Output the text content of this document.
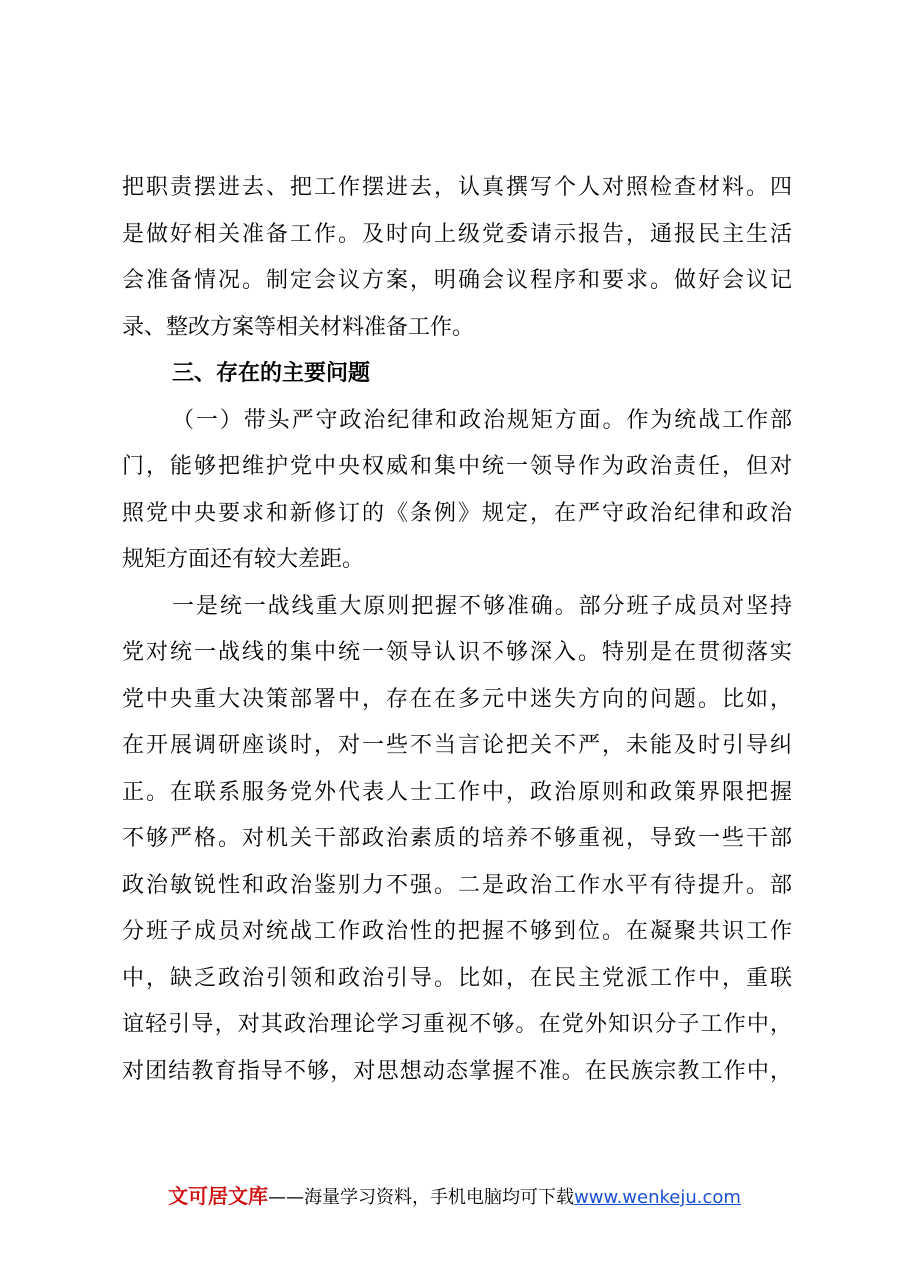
把职责摆进去、把工作摆进去，认真撰写个人对照检查材料。四
是做好相关准备工作。及时向上级党委请示报告，通报民主生活
会准备情况。制定会议方案，明确会议程序和要求。做好会议记
录、整改方案等相关材料准备工作。
三、存在的主要问题
（一）带头严守政治纪律和政治规矩方面。作为统战工作部
门，能够把维护党中央权威和集中统一领导作为政治责任，但对
照党中央要求和新修订的《条例》规定，在严守政治纪律和政治
规矩方面还有较大差距。
一是统一战线重大原则把握不够准确。部分班子成员对坚持
党对统一战线的集中统一领导认识不够深入。特别是在贯彻落实
党中央重大决策部署中，存在在多元中迷失方向的问题。比如，
在开展调研座谈时，对一些不当言论把关不严，未能及时引导纠
正。在联系服务党外代表人士工作中，政治原则和政策界限把握
不够严格。对机关干部政治素质的培养不够重视，导致一些干部
政治敏锐性和政治鉴别力不强。二是政治工作水平有待提升。部
分班子成员对统战工作政治性的把握不够到位。在凝聚共识工作
中，缺乏政治引领和政治引导。比如，在民主党派工作中，重联
谊轻引导，对其政治理论学习重视不够。在党外知识分子工作中，
对团结教育指导不够，对思想动态掌握不准。在民族宗教工作中，
文可居文库——海量学习资料，手机电脑均可下载www.wenkeju.com
